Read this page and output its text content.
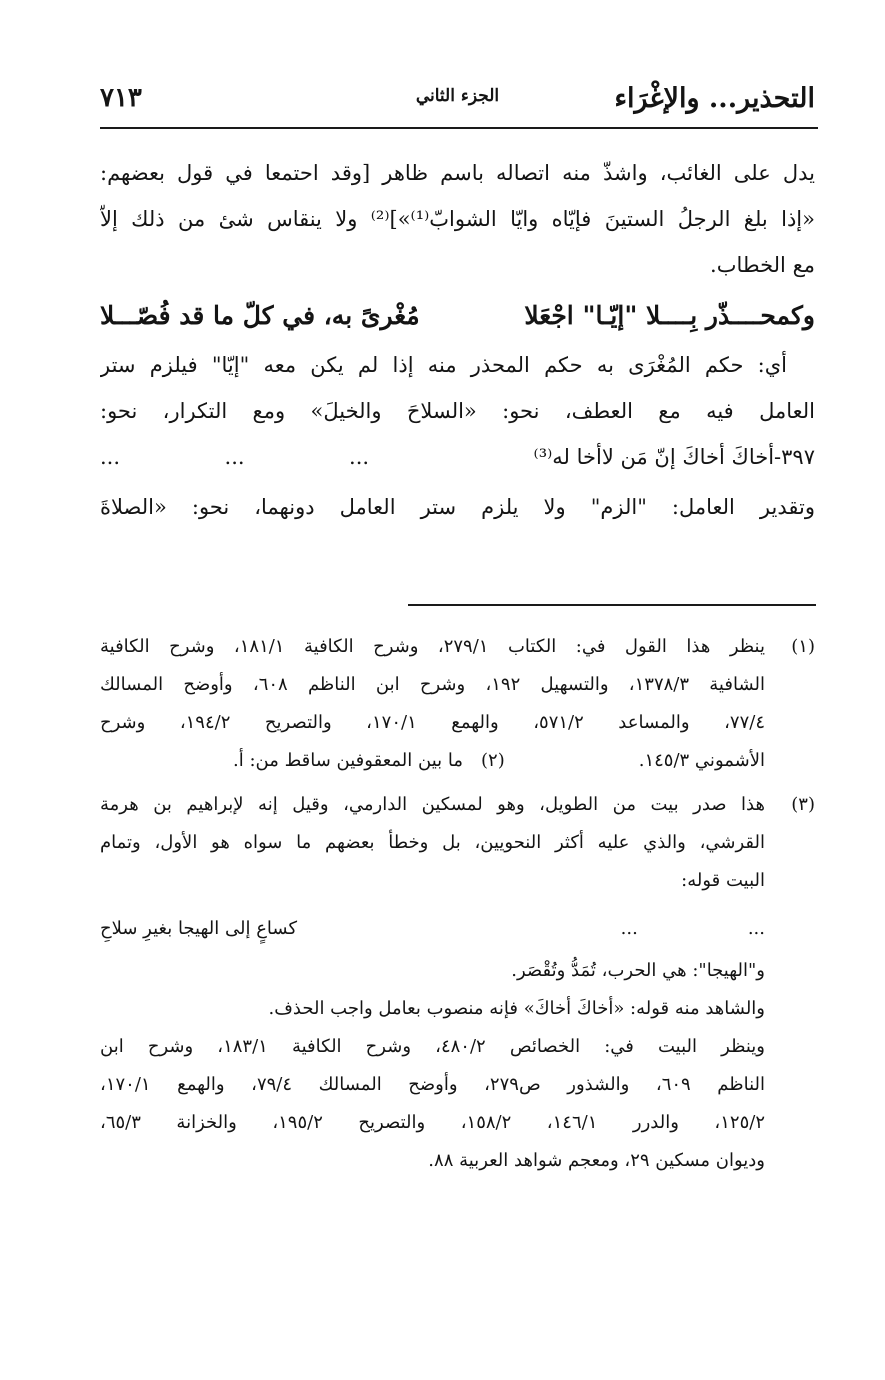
التحذير... والإغْرَاء
الجزء الثاني
٧١٣
يدل على الغائب، واشذّ منه اتصاله باسم ظاهر [وقد احتمعا في قول بعضهم:
«إذا بلغ الرجلُ الستينَ فإيّاه وايّا الشوابّ⁽¹⁾»]⁽²⁾ ولا ينقاس شئ من ذلك إلاّ
مع الخطاب.
وكمحــــذّر بِــــلا "إيّـا" اجْعَلا
مُغْرىً به، في كلّ ما قد فُصّـــلا
أي: حكم المُغْرَى به حكم المحذر منه إذا لم يكن معه "إيّا" فيلزم ستر
العامل فيه مع العطف، نحو: «السلاحَ والخيلَ» ومع التكرار، نحو:
٣٩٧-أخاكَ أخاكَ إنّ مَن لاأخا له⁽³⁾
...
...
...
وتقدير العامل: "الزم" ولا يلزم ستر العامل دونهما، نحو: «الصلاةَ
(١)
ينظر هذا القول في: الكتاب ٢٧٩/١، وشرح الكافية ١٨١/١، وشرح الكافية
الشافية ١٣٧٨/٣، والتسهيل ١٩٢، وشرح ابن الناظم ٦٠٨، وأوضح المسالك
٧٧/٤، والمساعد ٥٧١/٢، والهمع ١٧٠/١، والتصريح ١٩٤/٢، وشرح
الأشموني ١٤٥/٣.
(٢)
ما بين المعقوفين ساقط من: أ.
(٣)
هذا صدر بيت من الطويل، وهو لمسكين الدارمي، وقيل إنه لإبراهيم بن هرمة
القرشي، والذي عليه أكثر النحويين، بل وخطأ بعضهم ما سواه هو الأول، وتمام
البيت قوله:
كساعٍ إلى الهيجا بغيرِ سلاحِ	...
...
و"الهيجا": هي الحرب، تُمَدُّ وتُقْصَر.
والشاهد منه قوله: «أخاكَ أخاكَ» فإنه منصوب بعامل واجب الحذف.
وينظر البيت في: الخصائص ٤٨٠/٢، وشرح الكافية ١٨٣/١، وشرح ابن
الناظم ٦٠٩، والشذور ص٢٧٩، وأوضح المسالك ٧٩/٤، والهمع ١٧٠/١،
١٢٥/٢، والدرر ١٤٦/١، ١٥٨/٢، والتصريح ١٩٥/٢، والخزانة ٦٥/٣،
وديوان مسكين ٢٩، ومعجم شواهد العربية ٨٨.
